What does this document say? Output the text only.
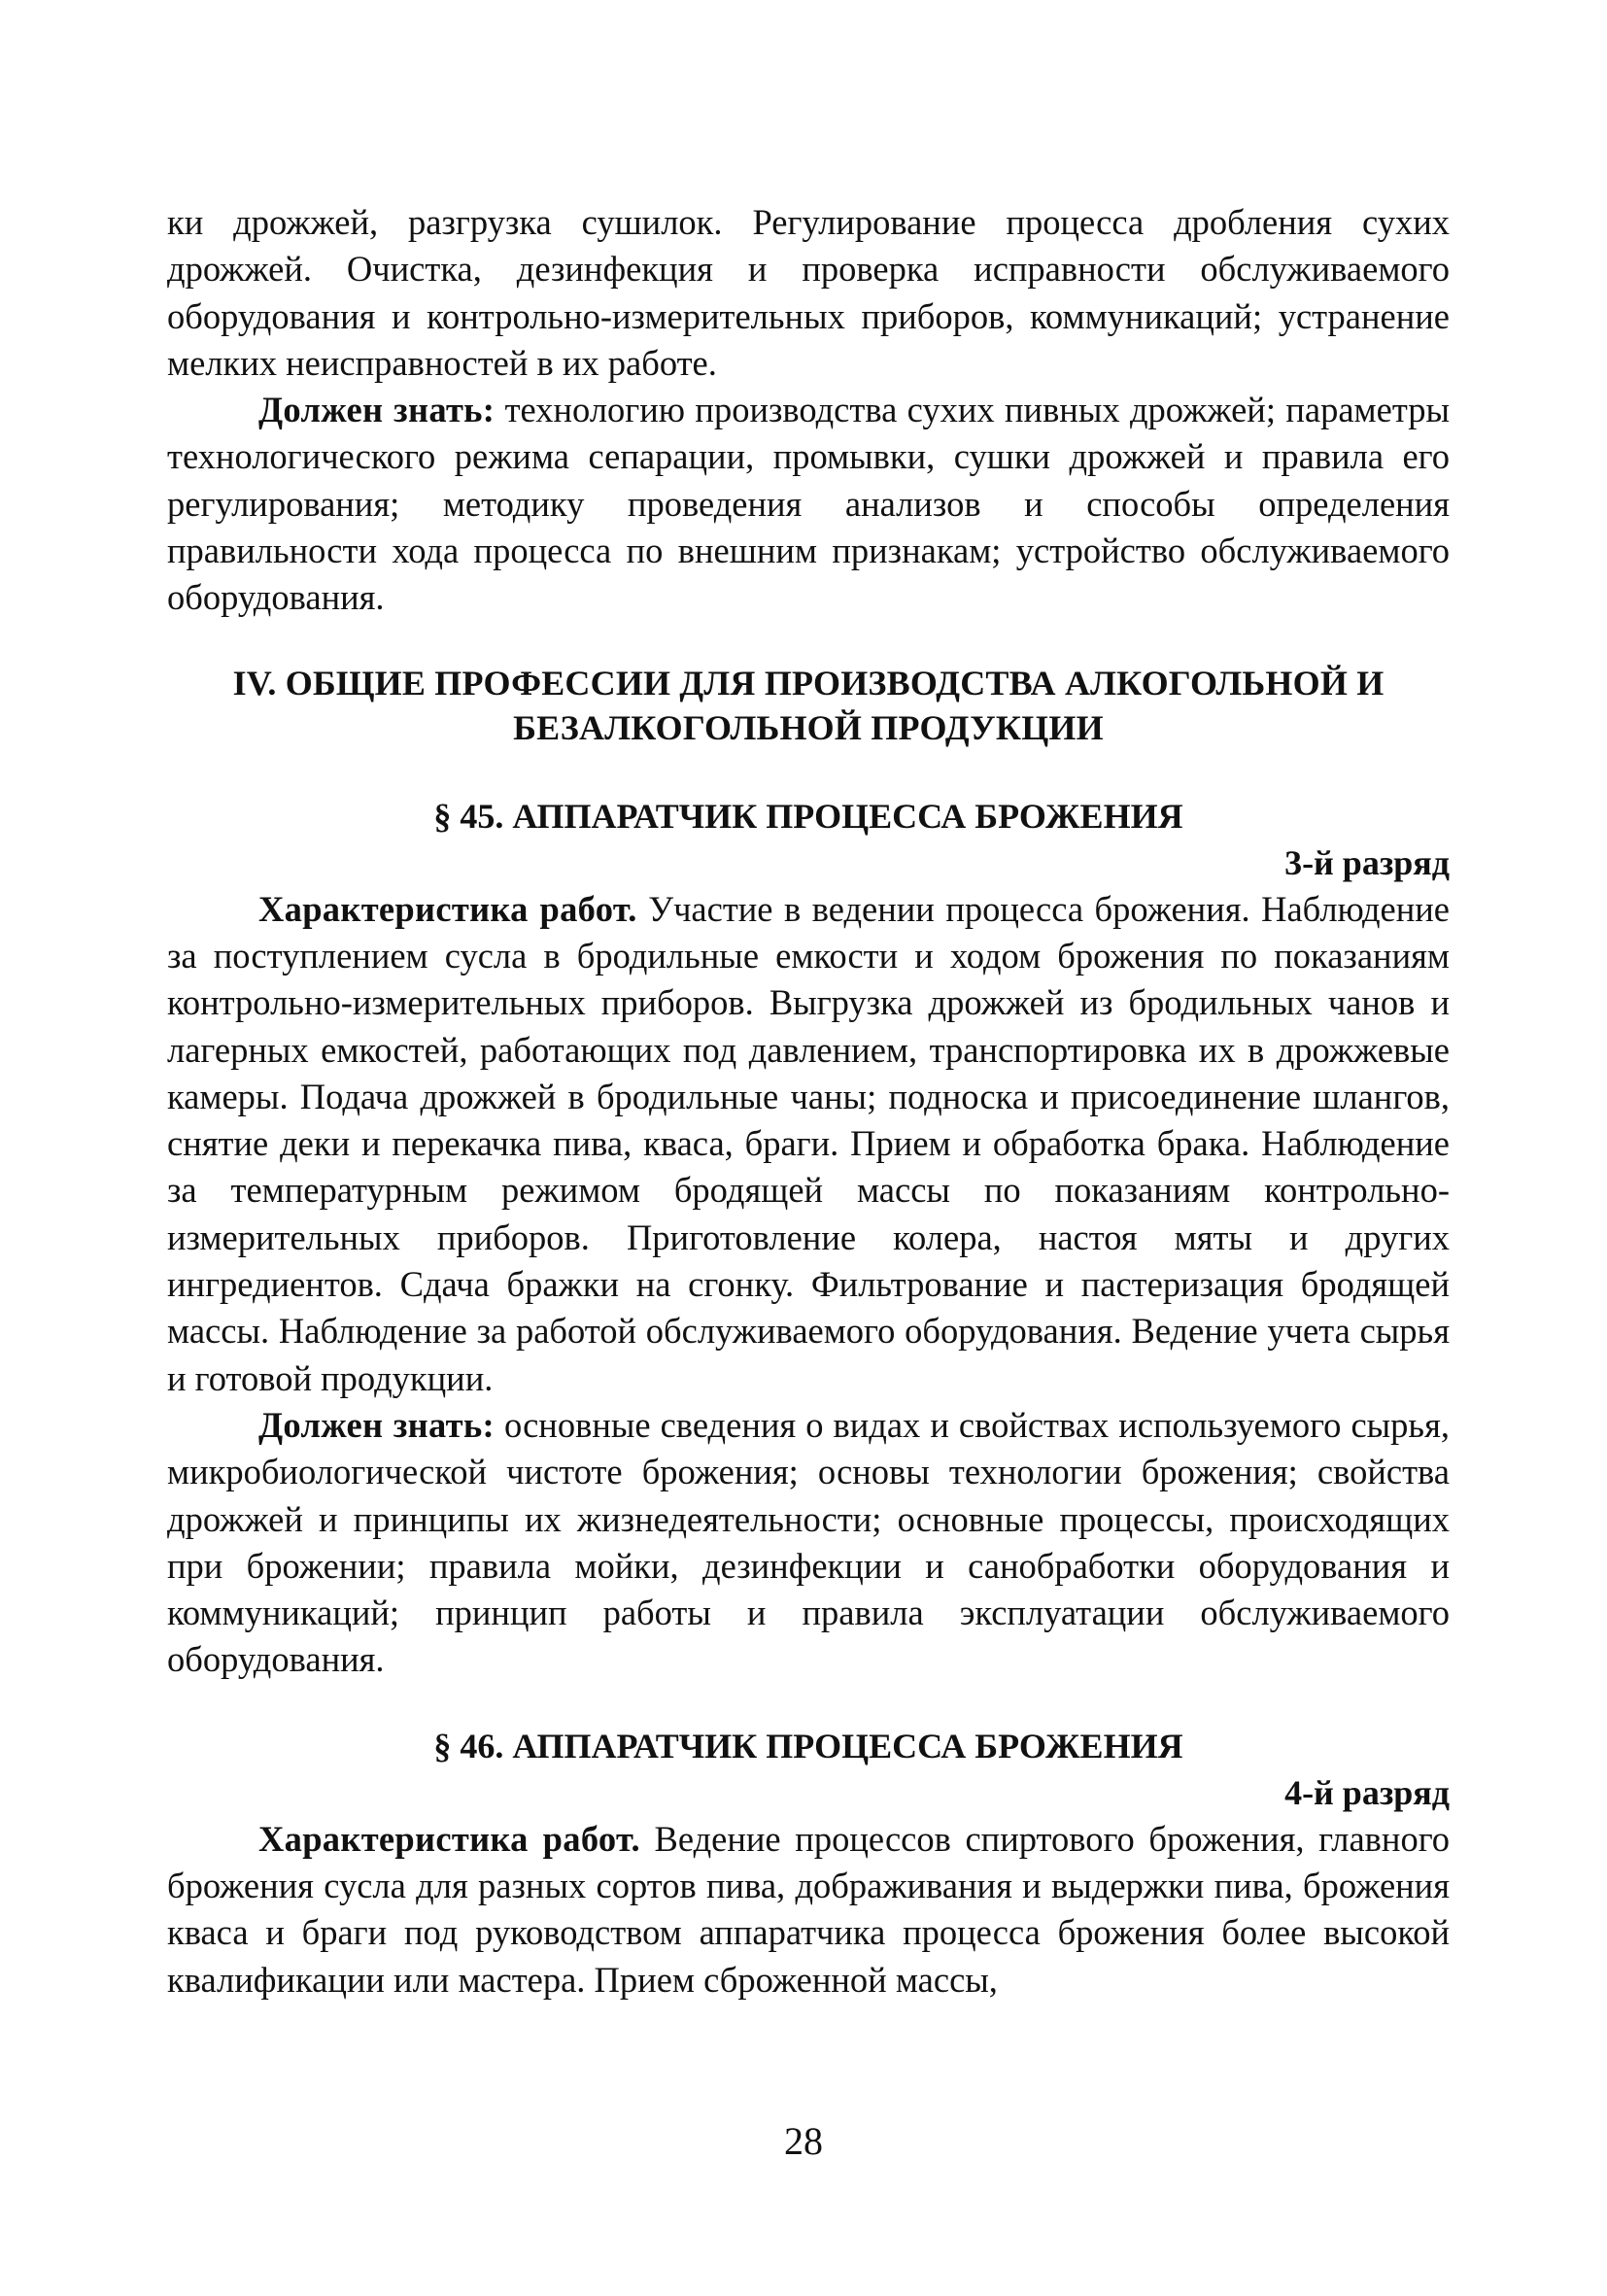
ки дрожжей, разгрузка сушилок. Регулирование процесса дробления сухих дрожжей. Очистка, дезинфекция и проверка исправности обслуживаемого оборудования и контрольно-измерительных приборов, коммуникаций; устранение мелких неисправностей в их работе.

Должен знать: технологию производства сухих пивных дрожжей; параметры технологического режима сепарации, промывки, сушки дрожжей и правила его регулирования; методику проведения анализов и способы определения правильности хода процесса по внешним признакам; устройство обслуживаемого оборудования.

IV. ОБЩИЕ ПРОФЕССИИ ДЛЯ ПРОИЗВОДСТВА АЛКОГОЛЬНОЙ И
БЕЗАЛКОГОЛЬНОЙ ПРОДУКЦИИ
§ 45. АППАРАТЧИК ПРОЦЕССА БРОЖЕНИЯ

3-й разряд

Характеристика работ. Участие в ведении процесса брожения. Наблюдение за поступлением сусла в бродильные емкости и ходом брожения по показаниям контрольно-измерительных приборов. Выгрузка дрожжей из бродильных чанов и лагерных емкостей, работающих под давлением, транспортировка их в дрожжевые камеры. Подача дрожжей в бродильные чаны; подноска и присоединение шлангов, снятие деки и перекачка пива, кваса, браги. Прием и обработка брака. Наблюдение за температурным режимом бродящей массы по показаниям контрольно-измерительных приборов. Приготовление колера, настоя мяты и других ингредиентов. Сдача бражки на сгонку. Фильтрование и пастеризация бродящей массы. Наблюдение за работой обслуживаемого оборудования. Ведение учета сырья и готовой продукции.

Должен знать: основные сведения о видах и свойствах используемого сырья, микробиологической чистоте брожения; основы технологии брожения; свойства дрожжей и принципы их жизнедеятельности; основные процессы, происходящих при брожении; правила мойки, дезинфекции и санобработки оборудования и коммуникаций; принцип работы и правила эксплуатации обслуживаемого оборудования.

§ 46. АППАРАТЧИК ПРОЦЕССА БРОЖЕНИЯ

4-й разряд

Характеристика работ. Ведение процессов спиртового брожения, главного брожения сусла для разных сортов пива, дображивания и выдержки пива, брожения кваса и браги под руководством аппаратчика процесса брожения более высокой квалификации или мастера. Прием сброженной массы,

28
